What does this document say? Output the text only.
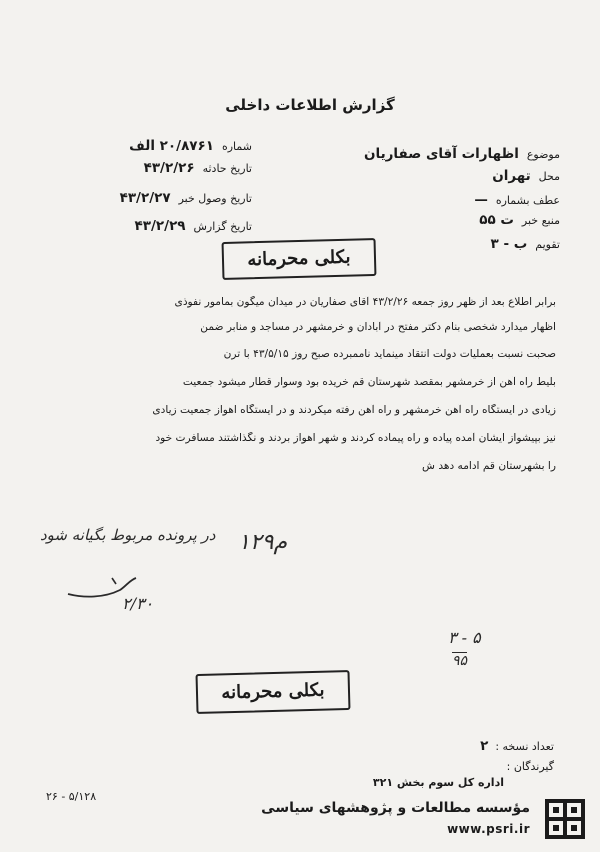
گزارش اطلاعات داخلی
شماره  ۲۰/۸۷۶۱ الف
تاریخ حادثه  ۴۳/۲/۲۶
تاریخ وصول خبر  ۴۳/۲/۲۷
تاریخ گزارش  ۴۳/۲/۲۹
موضوع  اظهارات آقای صفاریان
محل  تهران
عطف بشماره  —
منبع خبر  ت ۵۵
تقویم  ب - ۳
بکلی محرمانه
برابر اطلاع بعد از ظهر روز جمعه ۴۳/۲/۲۶ آقای صفاریان در میدان میگون بمامور نفوذی
اظهار میدارد شخصی بنام دکتر مفتح در آبادان و خرمشهر در مساجد و منابر ضمن
صحبت نسبت بعملیات دولت انتقاد مینماید ناممبرده صبح روز ۴۳/۵/۱۵ با ترن
بلیط راه آهن از خرمشهر بمقصد شهرستان قم خریده بود وسوار قطار میشود جمعیت
زیادی در ایستگاه راه آهن خرمشهر و راه آهن رفته میکردند و در ایستگاه اهواز جمعیت زیادی
نیز بپیشواز ایشان آمده پیاده و راه پیماده کردند و شهر اهواز بردند و نگذاشتند مسافرت خود
را بشهرستان قم ادامه دهد ش
در پرونده مربوط بگیانه شود ۱۲۹م
۲/۳۰
۳ - ۵
۹۵
بکلی محرمانه
تعداد نسخه :  ۲
گیرندگان :
اداره کل سوم بخش ۳۲۱
۲۶ - ۵/۱۲۸
مؤسسه مطالعات و پژوهشهای سیاسی
www.psri.ir
